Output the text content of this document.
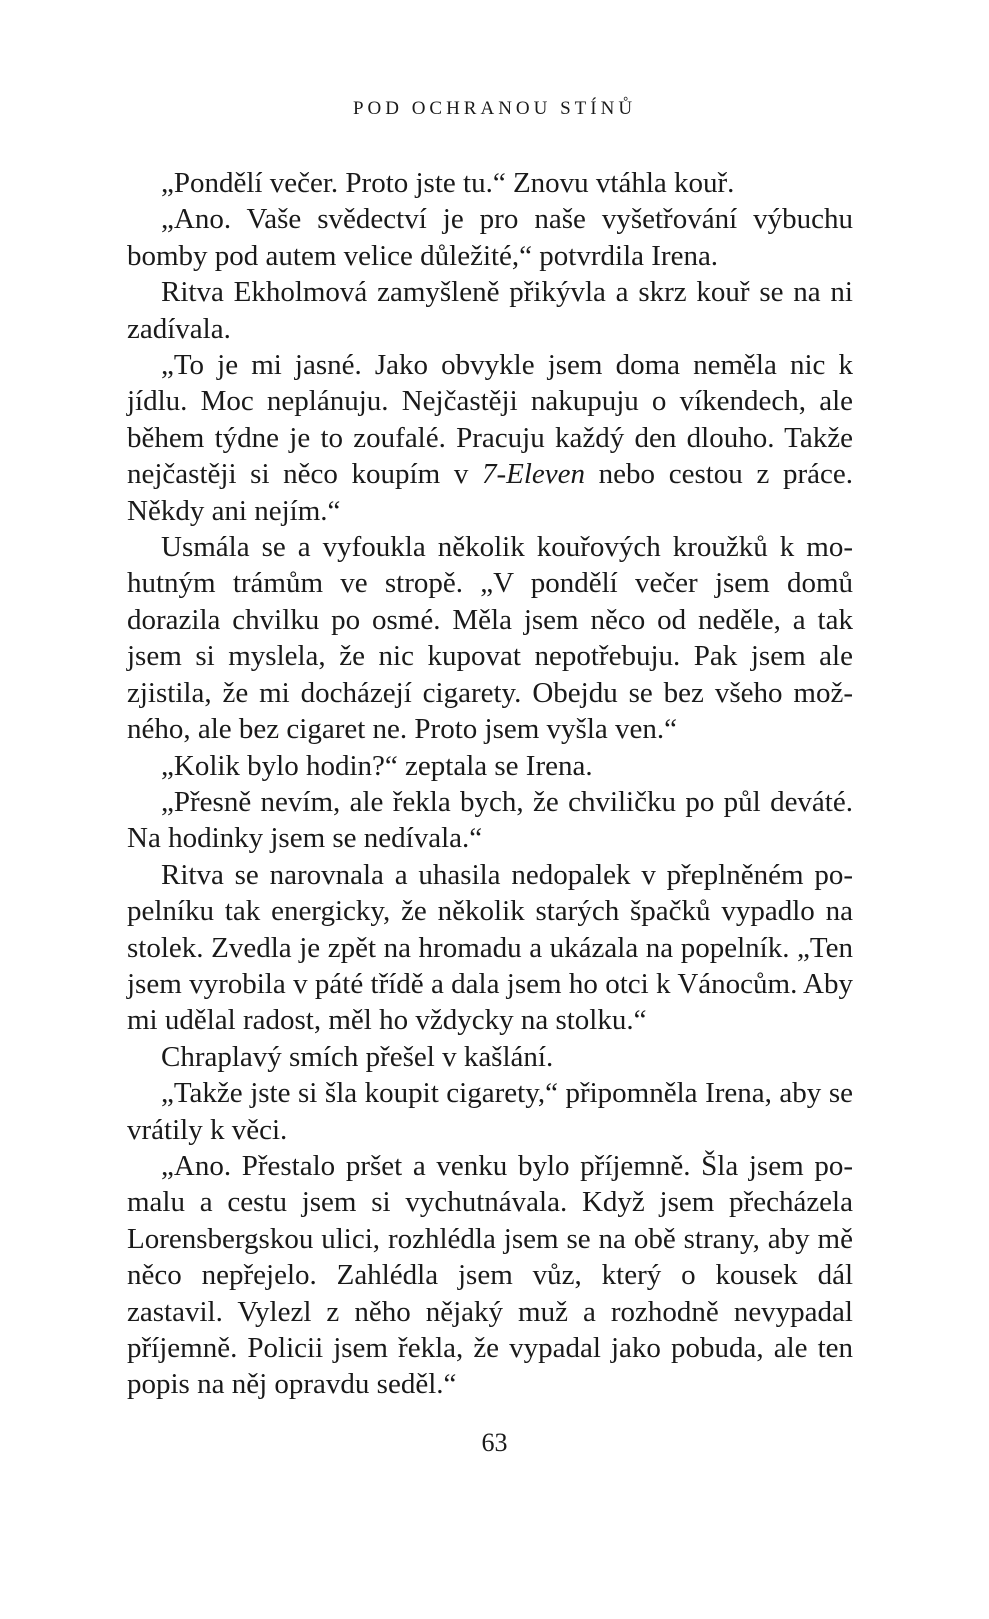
POD OCHRANOU STÍNŮ

„Pondělí večer. Proto jste tu.“ Znovu vtáhla kouř.

„Ano. Vaše svědectví je pro naše vyšetřování výbuchu bomby pod autem velice důležité,“ potvrdila Irena.

Ritva Ekholmová zamyšleně přikývla a skrz kouř se na ni zadívala.

„To je mi jasné. Jako obvykle jsem doma neměla nic k jídlu. Moc neplánuju. Nejčastěji nakupuju o víkendech, ale během týdne je to zoufalé. Pracuju každý den dlouho. Takže nejčastěji si něco koupím v 7-Eleven nebo cestou z práce. Někdy ani nejím.“

Usmála se a vyfoukla několik kouřových kroužků k mohutným trámům ve stropě. „V pondělí večer jsem domů dorazila chvilku po osmé. Měla jsem něco od neděle, a tak jsem si myslela, že nic kupovat nepotřebuju. Pak jsem ale zjistila, že mi docházejí cigarety. Obejdu se bez všeho možného, ale bez cigaret ne. Proto jsem vyšla ven.“

„Kolik bylo hodin?“ zeptala se Irena.

„Přesně nevím, ale řekla bych, že chviličku po půl deváté. Na hodinky jsem se nedívala.“

Ritva se narovnala a uhasila nedopalek v přeplněném popelníku tak energicky, že několik starých špačků vypadlo na stolek. Zvedla je zpět na hromadu a ukázala na popelník. „Ten jsem vyrobila v páté třídě a dala jsem ho otci k Vánocům. Aby mi udělal radost, měl ho vždycky na stolku.“

Chraplavý smích přešel v kašlání.

„Takže jste si šla koupit cigarety,“ připomněla Irena, aby se vrátily k věci.

„Ano. Přestalo pršet a venku bylo příjemně. Šla jsem pomalu a cestu jsem si vychutnávala. Když jsem přecházela Lorensbergskou ulici, rozhlédla jsem se na obě strany, aby mě něco nepřejelo. Zahlédla jsem vůz, který o kousek dál zastavil. Vylezl z něho nějaký muž a rozhodně nevypadal příjemně. Policii jsem řekla, že vypadal jako pobuda, ale ten popis na něj opravdu seděl.“

63
